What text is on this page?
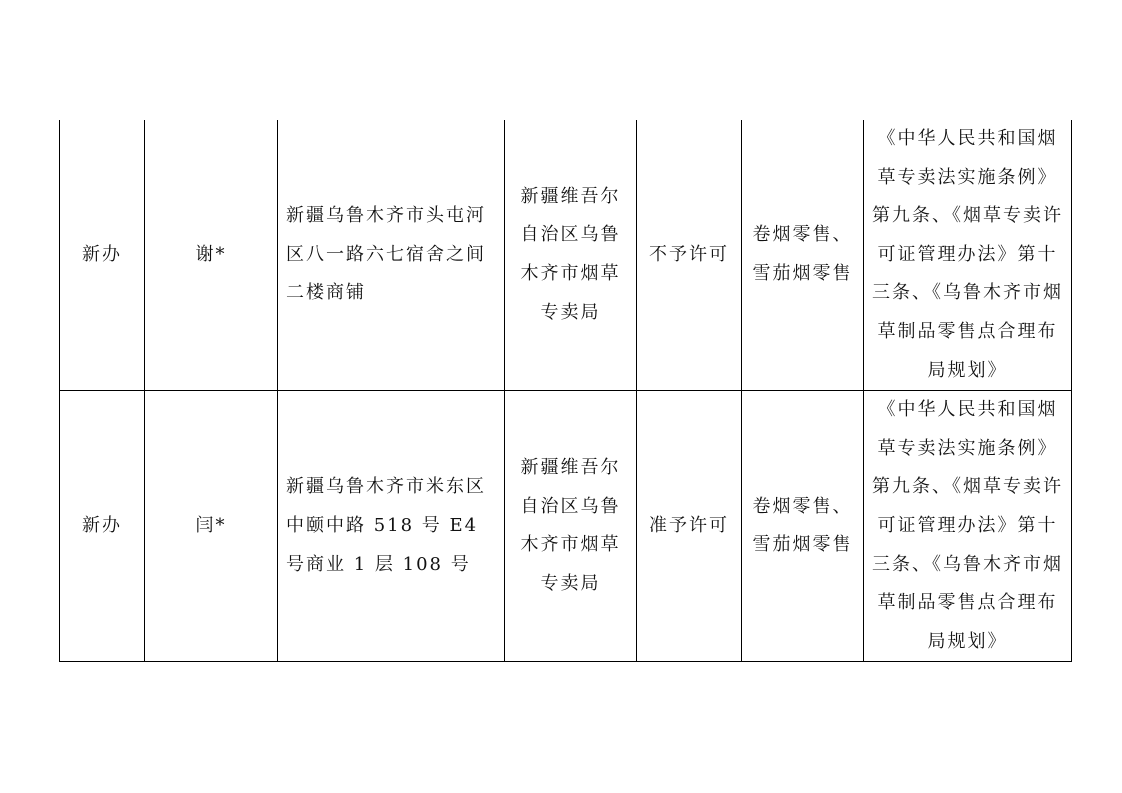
新办	谢*	新疆乌鲁木齐市头屯河区八一路六七宿舍之间二楼商铺	新疆维吾尔自治区乌鲁木齐市烟草专卖局	不予许可	卷烟零售、雪茄烟零售	《中华人民共和国烟草专卖法实施条例》第九条、《烟草专卖许可证管理办法》第十三条、《乌鲁木齐市烟草制品零售点合理布局规划》
新办	闫*	新疆乌鲁木齐市米东区中颐中路 518 号 E4 号商业 1 层 108 号	新疆维吾尔自治区乌鲁木齐市烟草专卖局	准予许可	卷烟零售、雪茄烟零售	《中华人民共和国烟草专卖法实施条例》第九条、《烟草专卖许可证管理办法》第十三条、《乌鲁木齐市烟草制品零售点合理布局规划》
